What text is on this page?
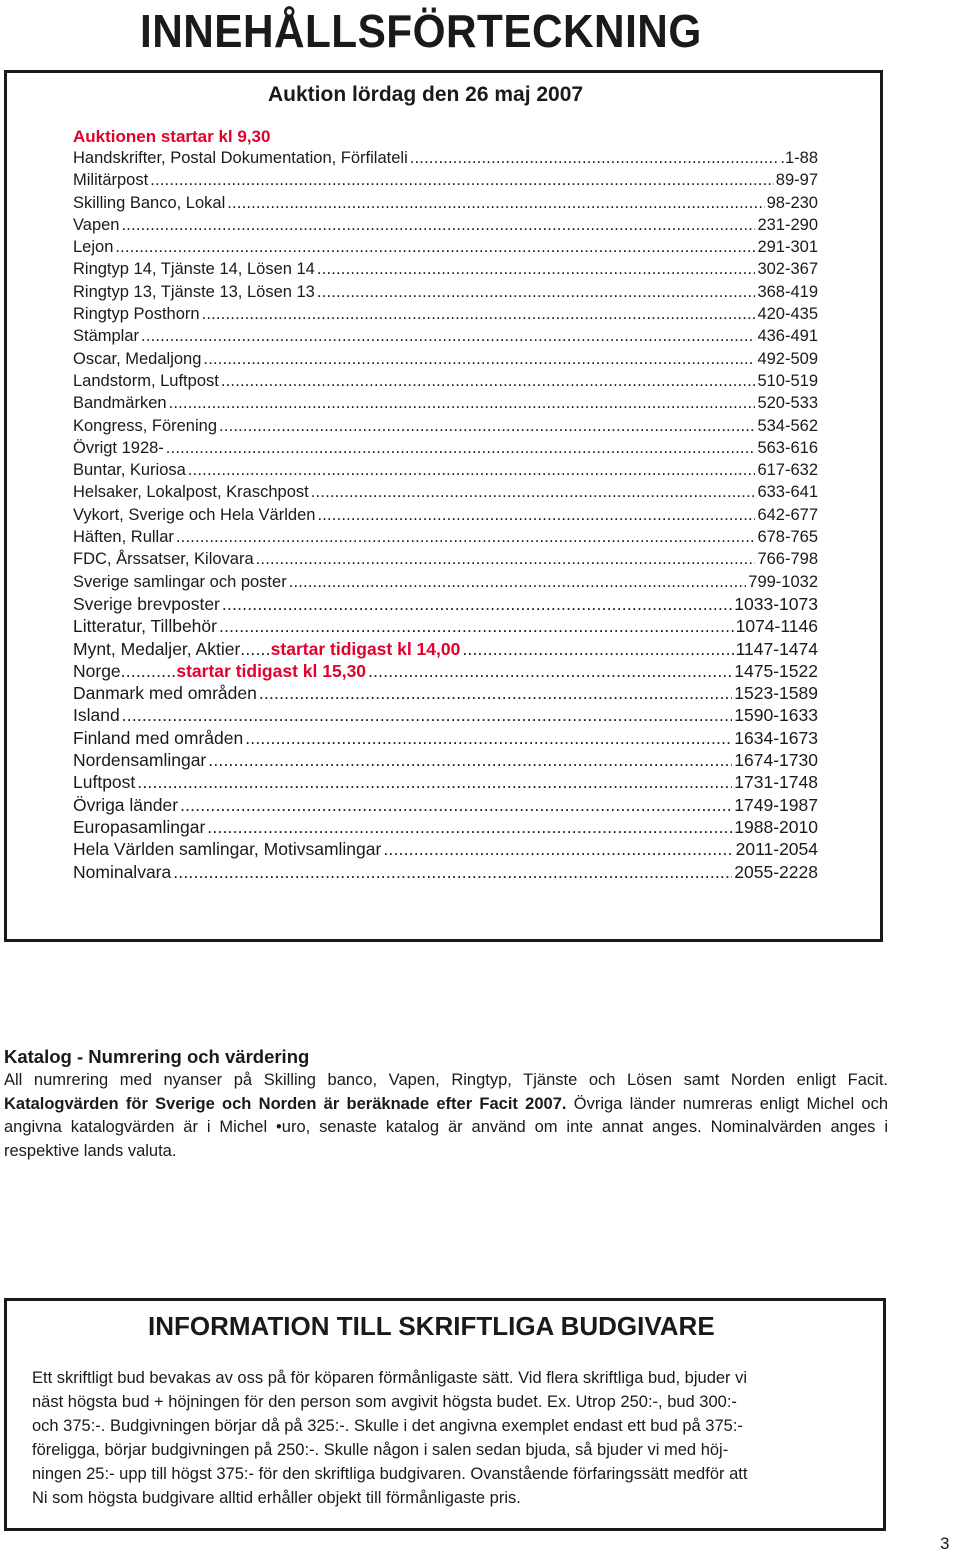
INNEHÅLLSFÖRTECKNING
Auktion lördag den 26 maj 2007
Auktionen startar kl 9,30
Handskrifter, Postal Dokumentation, Förfilateli .....	.1-88
Militärpost .....	89-97
Skilling Banco, Lokal .....	98-230
Vapen .....	231-290
Lejon .....	291-301
Ringtyp 14, Tjänste 14, Lösen 14 .....	302-367
Ringtyp 13, Tjänste 13, Lösen 13 .....	368-419
Ringtyp Posthorn .....	420-435
Stämplar .....	436-491
Oscar, Medaljong .....	492-509
Landstorm, Luftpost .....	510-519
Bandmärken .....	520-533
Kongress, Förening .....	534-562
Övrigt 1928- .....	563-616
Buntar, Kuriosa .....	617-632
Helsaker, Lokalpost, Kraschpost .....	633-641
Vykort, Sverige och Hela Världen .....	642-677
Häften, Rullar .....	678-765
FDC, Årssatser, Kilovara .....	766-798
Sverige samlingar och poster .....	799-1032
Sverige brevposter .....	1033-1073
Litteratur, Tillbehör .....	1074-1146
Mynt, Medaljer, Aktier ...... startar tidigast kl 14,00 .....	1147-1474
Norge ........... startar tidigast kl 15,30 .....	1475-1522
Danmark med områden .....	1523-1589
Island .....	1590-1633
Finland med områden .....	1634-1673
Nordensamlingar .....	1674-1730
Luftpost .....	1731-1748
Övriga länder .....	1749-1987
Europasamlingar .....	1988-2010
Hela Världen samlingar, Motivsamlingar .....	2011-2054
Nominalvara .....	2055-2228
Katalog - Numrering och värdering

All numrering med nyanser på Skilling banco, Vapen, Ringtyp, Tjänste och Lösen samt Norden enligt Facit. Katalogvärden för Sverige och Norden är beräknade efter Facit 2007. Övriga länder numreras enligt Michel och angivna katalogvärden är i Michel •uro, senaste katalog är använd om inte annat anges. Nominalvärden anges i respektive lands valuta.

INFORMATION TILL SKRIFTLIGA BUDGIVARE
Ett skriftligt bud bevakas av oss på för köparen förmånligaste sätt. Vid flera skriftliga bud, bjuder vi
näst högsta bud + höjningen för den person som avgivit högsta budet. Ex. Utrop 250:-, bud 300:-
och 375:-. Budgivningen börjar då på 325:-. Skulle i det angivna exemplet endast ett bud på 375:-
föreligga, börjar budgivningen på 250:-. Skulle någon i salen sedan bjuda, så bjuder vi med höj-
ningen 25:- upp till högst 375:- för den skriftliga budgivaren. Ovanstående förfaringssätt medför att
Ni som högsta budgivare alltid erhåller objekt till förmånligaste pris.
3
